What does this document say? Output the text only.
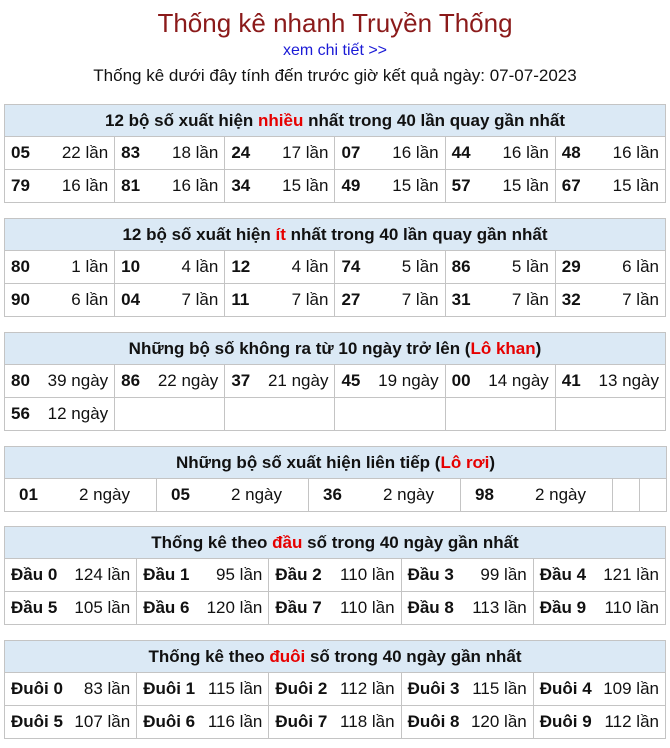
Thống kê nhanh Truyền Thống
xem chi tiết >>
Thống kê dưới đây tính đến trước giờ kết quả ngày: 07-07-2023
12 bộ số xuất hiện nhiều nhất trong 40 lần quay gần nhất					

05 22 lần	83 18 lần	24 17 lần	07 16 lần	44 16 lần	48 16 lần

79 16 lần	81 16 lần	34 15 lần	49 15 lần	57 15 lần	67 15 lần
12 bộ số xuất hiện ít nhất trong 40 lần quay gần nhất					

80 1 lần	10 4 lần	12 4 lần	74 5 lần	86 5 lần	29 6 lần

90 6 lần	04 7 lần	11 7 lần	27 7 lần	31 7 lần	32 7 lần
Những bộ số không ra từ 10 ngày trở lên (Lô khan)					

80 39 ngày	86 22 ngày	37 21 ngày	45 19 ngày	00 14 ngày	41 13 ngày

56 12 ngày					

Những bộ số xuất hiện liên tiếp (Lô rơi)

01 2 ngày	05 2 ngày	36 2 ngày	98 2 ngày

Thống kê theo đầu số trong 40 ngày gần nhất				

Đầu 0 124 lần	Đầu 1 95 lần	Đầu 2 110 lần	Đầu 3 99 lần	Đầu 4 121 lần

Đầu 5 105 lần	Đầu 6 120 lần	Đầu 7 110 lần	Đầu 8 113 lần	Đầu 9 110 lần
Thống kê theo đuôi số trong 40 ngày gần nhất				

Đuôi 0 83 lần	Đuôi 1 115 lần	Đuôi 2 112 lần	Đuôi 3 115 lần	Đuôi 4 109 lần

Đuôi 5 107 lần	Đuôi 6 116 lần	Đuôi 7 118 lần	Đuôi 8 120 lần	Đuôi 9 112 lần
